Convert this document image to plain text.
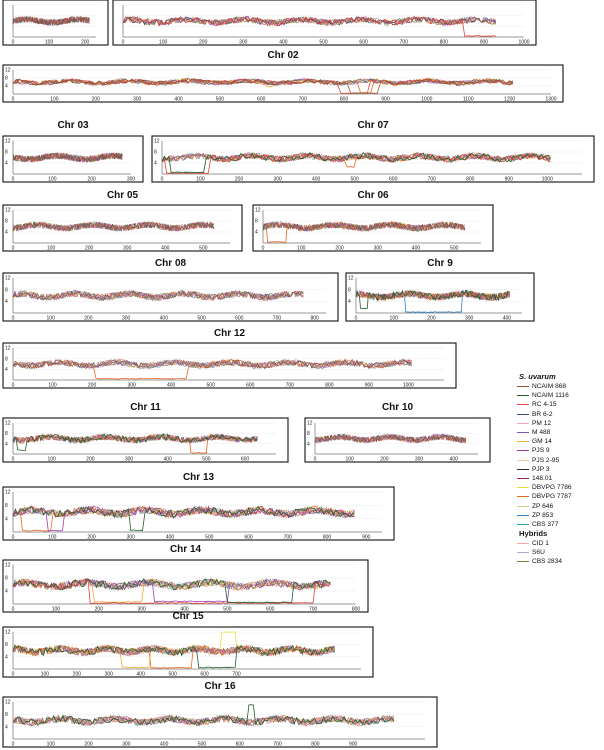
0	100	200	0	100	200	300	400	500	600	700	800	900	1000
Chr 02
12
8
4
0	100	200	300	400	500	600	700	800	900	1000	1100	1200	1300
Chr 03
12
8
4
0	100	200	300
Chr 07
12
8
4
0	100	200	300	400	500	600	700	800	900	1000
Chr 05
12
8
4
0	100	200	300	400	500
Chr 06
12
8
4
0	100	200	300	400	500
Chr 08
12
8
4
0	100	200	300	400	500	600	700	800
Chr 9
12
8
4
0	100	200	300	400
Chr 12
12
8
4
0	100	200	300	400	500	600	700	800	900	1000
Chr 11
12
8
4
0	100	200	300	400	500	600
Chr 10
12
8
4
0	100	200	300	400
Chr 13
12
8
4
0	100	200	300	400	500	600	700	800	900
Chr 14
12
8
4
0	100	200	300	400	500	600	700	800
Chr 15
12
8
4
0	100	200	300	400	500	600	700
Chr 16
12
8
4
0	100	200	300	400	500	600	700	800	900
S. uvarum
NCAIM 868
NCAIM 1116
RC 4-15
BR 6-2
PM 12
M 488
GM 14
PJS 9
PJS 2-95
PJP 3
148.01
DBVPG 7786
DBVPG 7787
ZP 646
ZP 853
CBS 377
Hybrids
CID 1
S6U
CBS 2834
